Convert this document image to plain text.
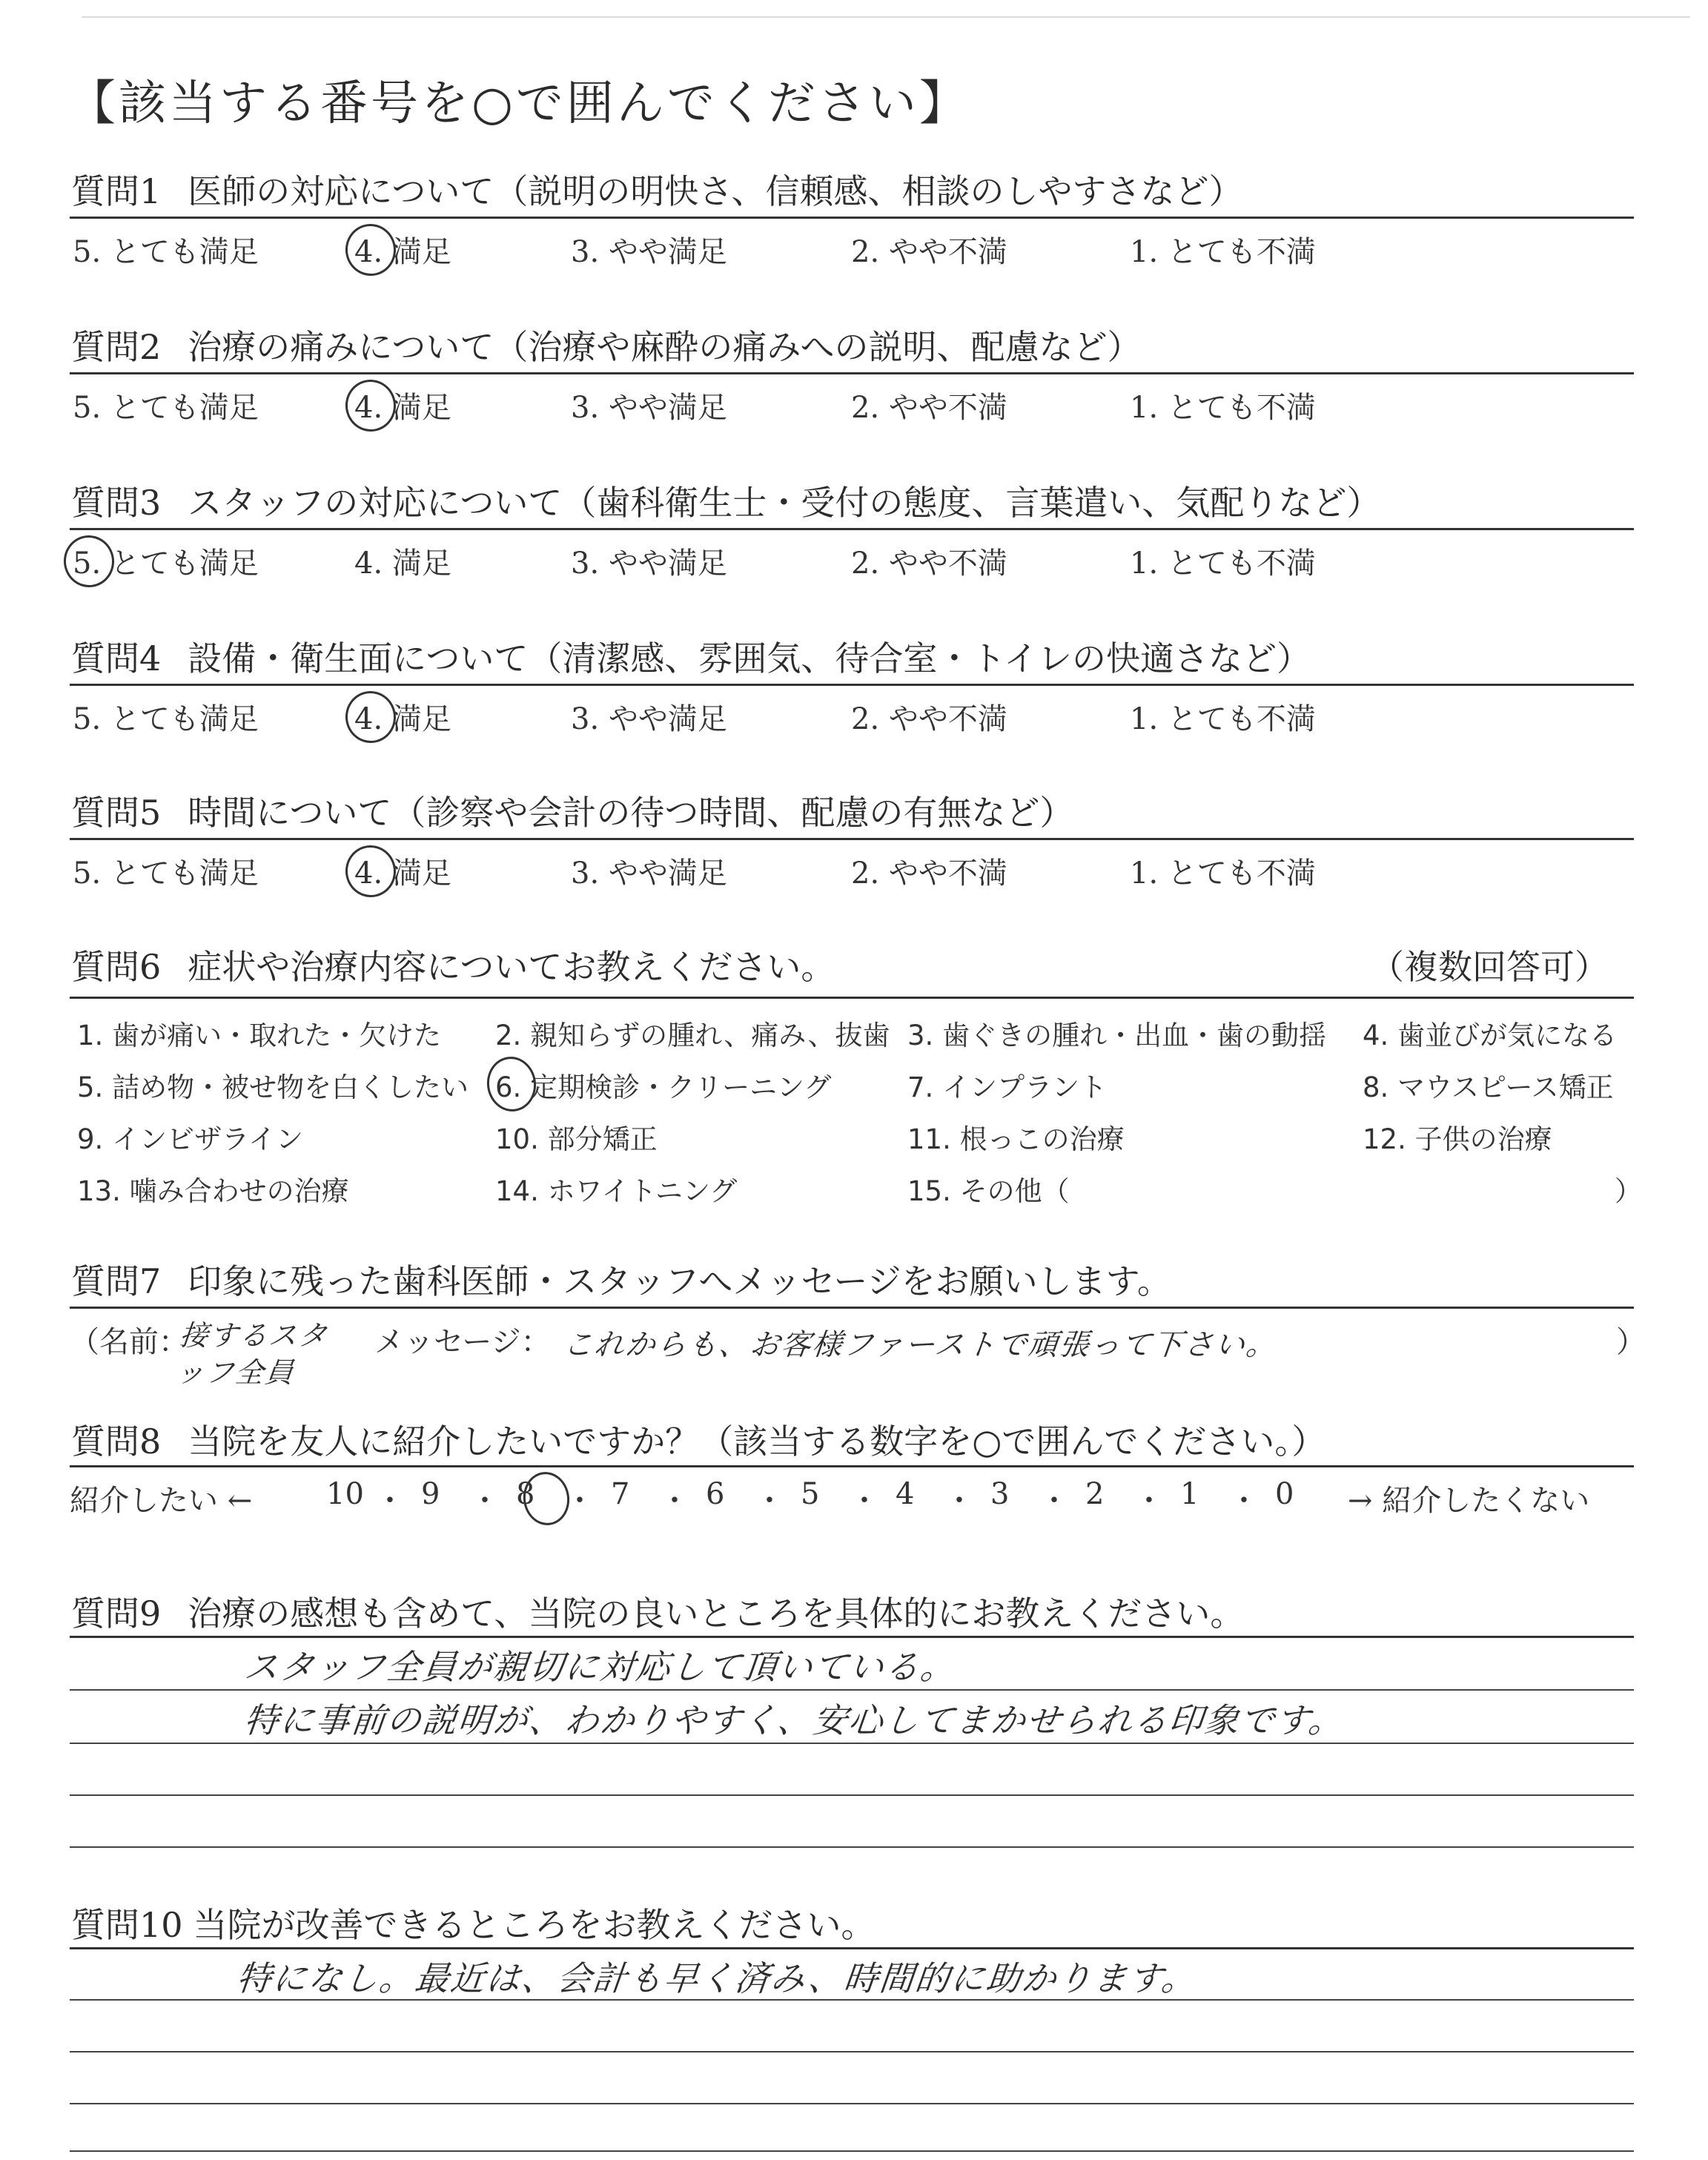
【該当する番号を○で囲んでください】
質問1 医師の対応について（説明の明快さ、信頼感、相談のしやすさなど）
5. とても満足	4. 満足	3. やや満足	2. やや不満	1. とても不満
質問2 治療の痛みについて（治療や麻酔の痛みへの説明、配慮など）
5. とても満足	4. 満足	3. やや満足	2. やや不満	1. とても不満
質問3 スタッフの対応について（歯科衛生士・受付の態度、言葉遣い、気配りなど）
5. とても満足	4. 満足	3. やや満足	2. やや不満	1. とても不満
質問4 設備・衛生面について（清潔感、雰囲気、待合室・トイレの快適さなど）
5. とても満足	4. 満足	3. やや満足	2. やや不満	1. とても不満
質問5 時間について（診察や会計の待つ時間、配慮の有無など）
5. とても満足	4. 満足	3. やや満足	2. やや不満	1. とても不満
質問6 症状や治療内容についてお教えください。	（複数回答可）
1. 歯が痛い・取れた・欠けた 2. 親知らずの腫れ、痛み、抜歯 3. 歯ぐきの腫れ・出血・歯の動揺 4. 歯並びが気になる
5. 詰め物・被せ物を白くしたい 6. 定期検診・クリーニング	7. インプラント	8. マウスピース矯正
9. インビザライン	10. 部分矯正	11. 根っこの治療	12. 子供の治療
13. 噛み合わせの治療	14. ホワイトニング	15. その他（	）
質問7 印象に残った歯科医師・スタッフへメッセージをお願いします。
（名前：
接するスタッフ全員
メッセージ： これからも、お客様ファーストで頑張って下さい。	）
質問8 当院を友人に紹介したいですか？（該当する数字を○で囲んでください。）
紹介したい ← 10 ・ 9 ・ 8 ・ 7 ・ 6 ・ 5 ・ 4 ・ 3 ・ 2 ・ 1 ・ 0 → 紹介したくない
質問9 治療の感想も含めて、当院の良いところを具体的にお教えください。
スタッフ全員が親切に対応して頂いている。
特に事前の説明が、わかりやすく、安心してまかせられる印象です。
質問10 当院が改善できるところをお教えください。
特になし。最近は、会計も早く済み、時間的に助かります。
